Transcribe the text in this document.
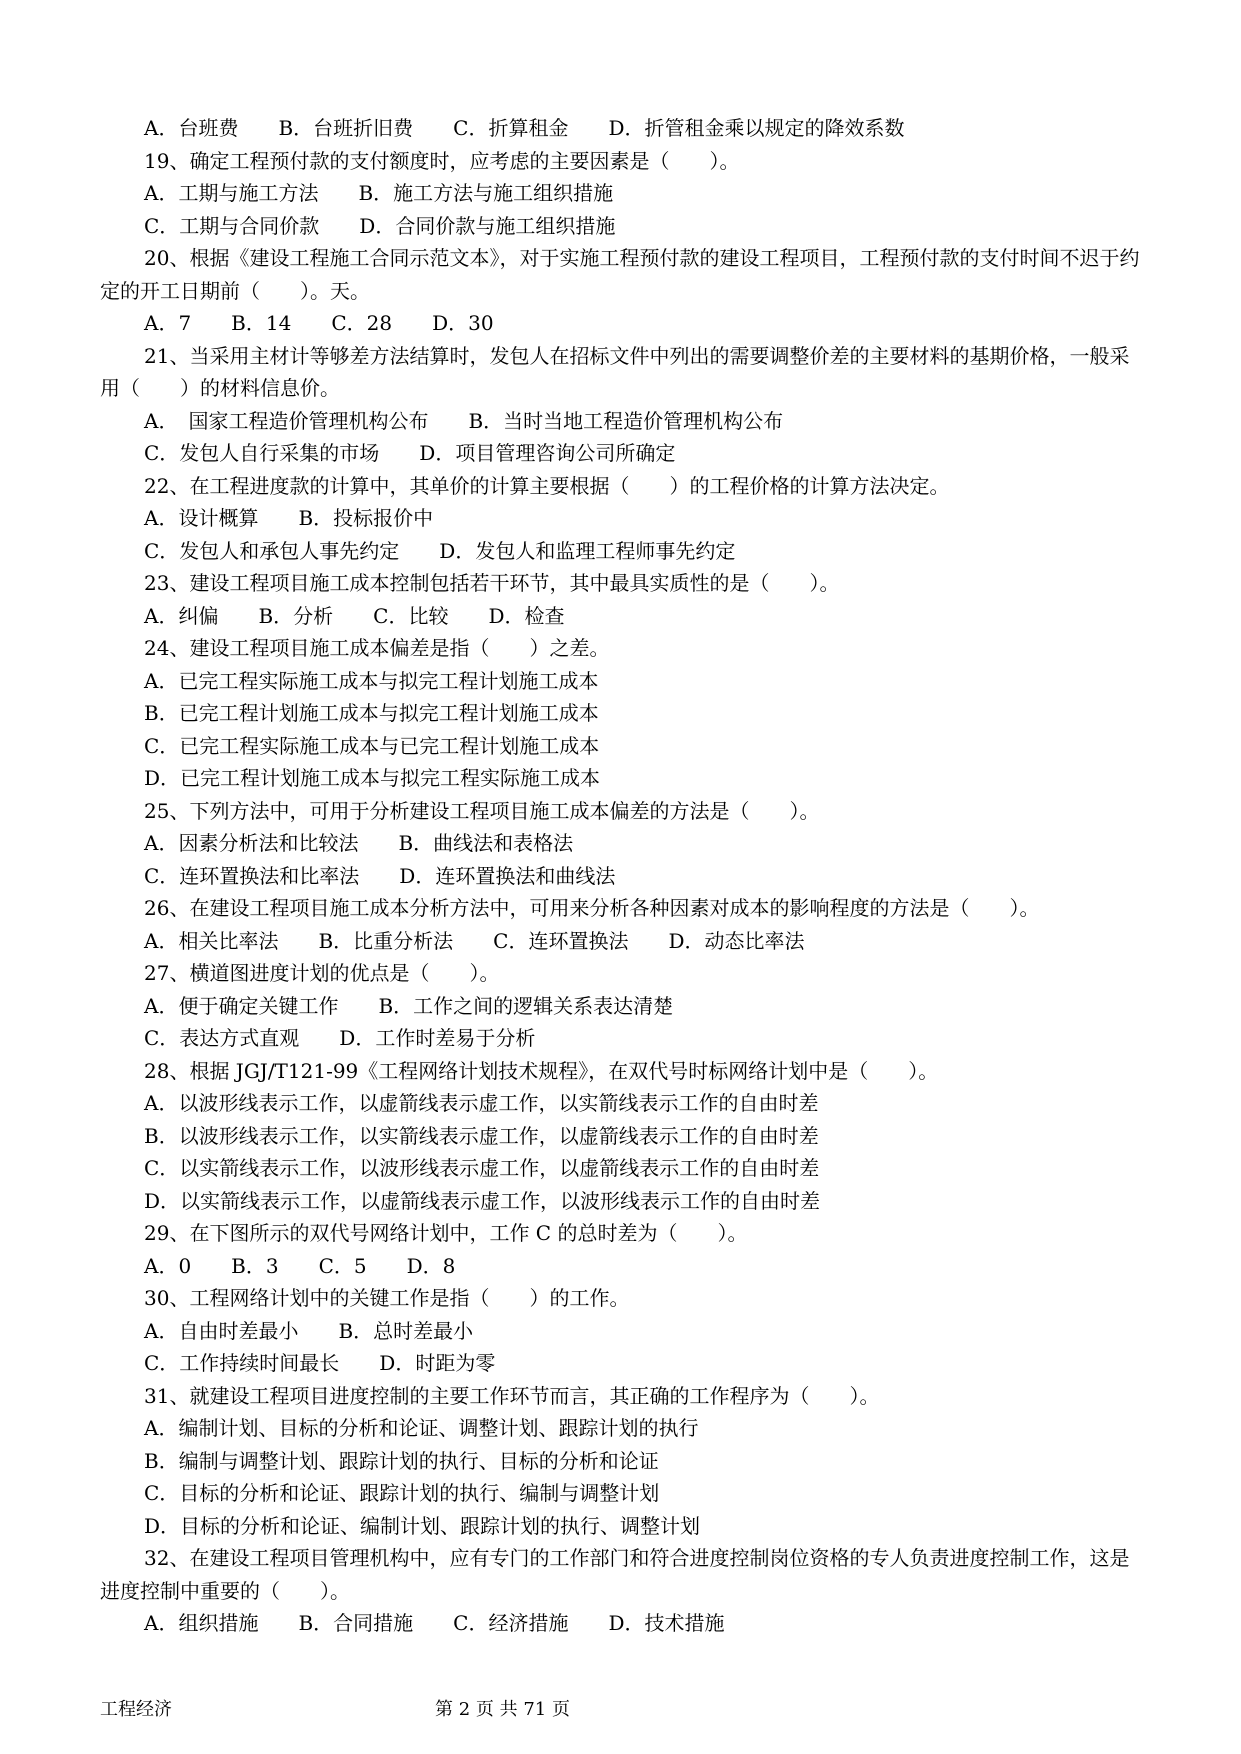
A．台班费　　B．台班折旧费　　C．折算租金　　D．折管租金乘以规定的降效系数

19、确定工程预付款的支付额度时，应考虑的主要因素是（　　）。

A．工期与施工方法　　B．施工方法与施工组织措施

C．工期与合同价款　　D．合同价款与施工组织措施

20、根据《建设工程施工合同示范文本》，对于实施工程预付款的建设工程项目，工程预付款的支付时间不迟于约定的开工日期前（　　）。天。

A．7　　B．14　　C．28　　D．30

21、当采用主材计等够差方法结算时，发包人在招标文件中列出的需要调整价差的主要材料的基期价格，一般采用（　　）的材料信息价。

A．　国家工程造价管理机构公布　　B．当时当地工程造价管理机构公布

C．发包人自行采集的市场　　D．项目管理咨询公司所确定

22、在工程进度款的计算中，其单价的计算主要根据（　　）的工程价格的计算方法决定。

A．设计概算　　B．投标报价中

C．发包人和承包人事先约定　　D．发包人和监理工程师事先约定

23、建设工程项目施工成本控制包括若干环节，其中最具实质性的是（　　）。

A．纠偏　　B．分析　　C．比较　　D．检查

24、建设工程项目施工成本偏差是指（　　）之差。

A．已完工程实际施工成本与拟完工程计划施工成本

B．已完工程计划施工成本与拟完工程计划施工成本

C．已完工程实际施工成本与已完工程计划施工成本

D．已完工程计划施工成本与拟完工程实际施工成本

25、下列方法中，可用于分析建设工程项目施工成本偏差的方法是（　　）。

A．因素分析法和比较法　　B．曲线法和表格法

C．连环置换法和比率法　　D．连环置换法和曲线法

26、在建设工程项目施工成本分析方法中，可用来分析各种因素对成本的影响程度的方法是（　　）。

A．相关比率法　　B．比重分析法　　C．连环置换法　　D．动态比率法

27、横道图进度计划的优点是（　　）。

A．便于确定关键工作　　B．工作之间的逻辑关系表达清楚

C．表达方式直观　　D．工作时差易于分析

28、根据 JGJ/T121-99《工程网络计划技术规程》，在双代号时标网络计划中是（　　）。

A．以波形线表示工作，以虚箭线表示虚工作，以实箭线表示工作的自由时差

B．以波形线表示工作，以实箭线表示虚工作，以虚箭线表示工作的自由时差

C．以实箭线表示工作，以波形线表示虚工作，以虚箭线表示工作的自由时差

D．以实箭线表示工作，以虚箭线表示虚工作，以波形线表示工作的自由时差

29、在下图所示的双代号网络计划中，工作 C 的总时差为（　　）。

A．0　　B．3　　C．5　　D．8

30、工程网络计划中的关键工作是指（　　）的工作。

A．自由时差最小　　B．总时差最小

C．工作持续时间最长　　D．时距为零

31、就建设工程项目进度控制的主要工作环节而言，其正确的工作程序为（　　）。

A．编制计划、目标的分析和论证、调整计划、跟踪计划的执行

B．编制与调整计划、跟踪计划的执行、目标的分析和论证

C．目标的分析和论证、跟踪计划的执行、编制与调整计划

D．目标的分析和论证、编制计划、跟踪计划的执行、调整计划

32、在建设工程项目管理机构中，应有专门的工作部门和符合进度控制岗位资格的专人负责进度控制工作，这是进度控制中重要的（　　）。

A．组织措施　　B．合同措施　　C．经济措施　　D．技术措施

工程经济	第 2 页 共 71 页
